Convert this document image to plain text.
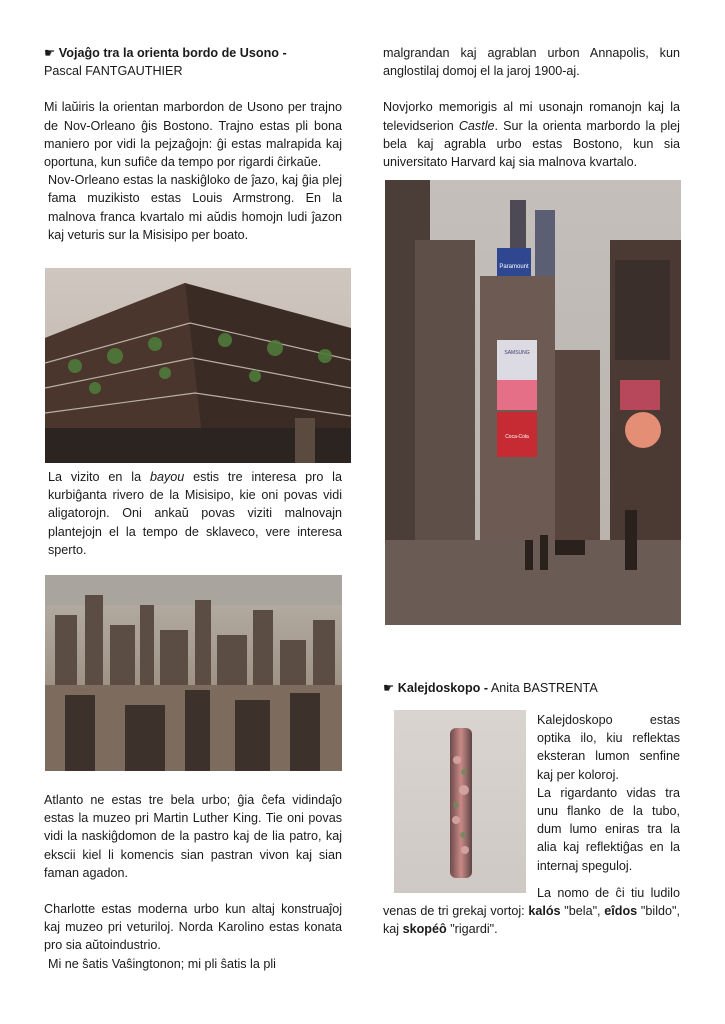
☛ Vojaĝo tra la orienta bordo de Usono -
Pascal FANTGAUTHIER

Mi laŭiris la orientan marbordon de Usono per trajno de Nov-Orleano ĝis Bostono. Trajno estas pli bona maniero por vidi la pejzaĝojn: ĝi estas malrapida kaj oportuna, kun sufiĉe da tempo por rigardi ĉirkaŭe.

Nov-Orleano estas la naskiĝloko de ĵazo, kaj ĝia plej fama muzikisto estas Louis Armstrong. En la malnova franca kvartalo mi aŭdis homojn ludi ĵazon kaj veturis sur la Misisipo per boato.

La vizito en la bayou estis tre interesa pro la kurbiĝanta rivero de la Misisipo, kie oni povas vidi aligatorojn. Oni ankaŭ povas viziti malnovajn plantejojn el la tempo de sklaveco, vere interesa sperto.

Atlanto ne estas tre bela urbo; ĝia ĉefa vidindaĵo estas la muzeo pri Martin Luther King. Tie oni povas vidi la naskiĝdomon de la pastro kaj de lia patro, kaj ekscii kiel li komencis sian pastran vivon kaj sian faman agadon.

Charlotte estas moderna urbo kun altaj konstruaĵoj kaj muzeo pri veturiloj. Norda Karolino estas konata pro sia aŭtoindustrio.

Mi ne ŝatis Vaŝingtonon; mi pli ŝatis la pli

malgrandan kaj agrablan urbon Annapolis, kun anglostilaj domoj el la jaroj 1900-aj.

Novjorko memorigis al mi usonajn romanojn kaj la televidserion Castle. Sur la orienta marbordo la plej bela kaj agrabla urbo estas Bostono, kun sia universitato Harvard kaj sia malnova kvartalo.

Paramount
SAMSUNG
Coca-Cola

☛ Kalejdoskopo - Anita BASTRENTA

Kalejdoskopo estas optika ilo, kiu reflektas eksteran lumon senfine kaj per koloroj.

La rigardanto vidas tra unu flanko de la tubo, dum lumo eniras tra la alia kaj reflektiĝas en la internaj speguloj.

La nomo de ĉi tiu ludilo venas de tri grekaj vortoj: kalós "bela", eîdos "bildo", kaj skopéô "rigardi".
